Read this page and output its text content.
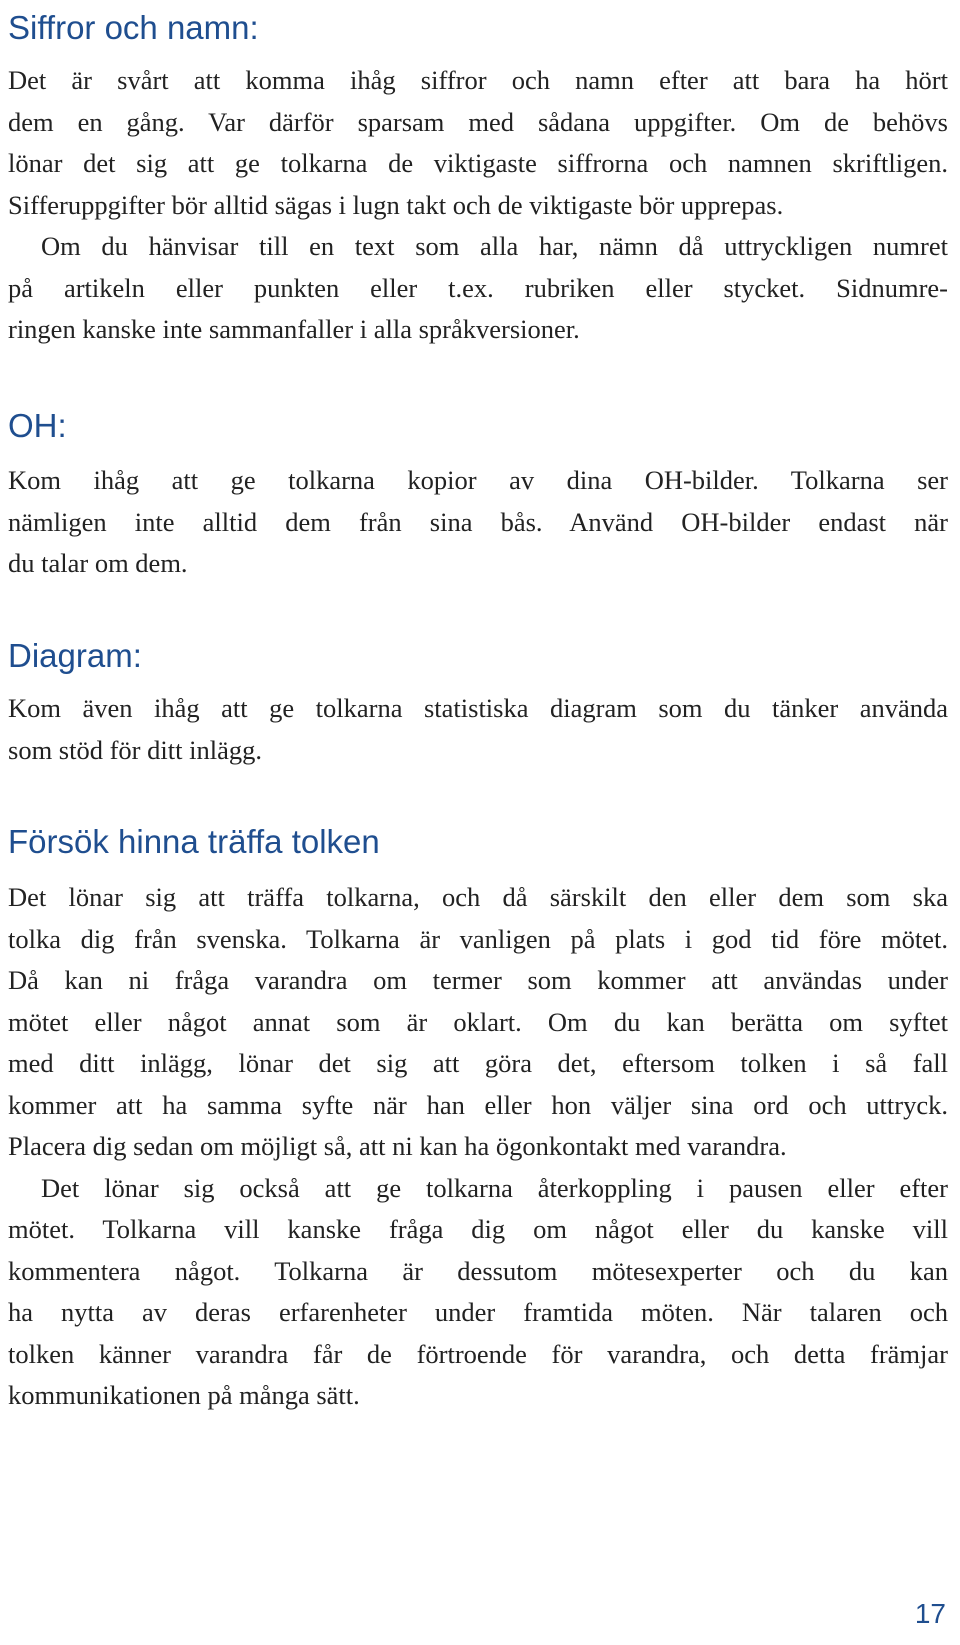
Siffror och namn:

Det är svårt att komma ihåg siffror och namn efter att bara ha hört
dem en gång. Var därför sparsam med sådana uppgifter. Om de behövs
lönar det sig att ge tolkarna de viktigaste siffrorna och namnen skriftligen.
Sifferuppgifter bör alltid sägas i lugn takt och de viktigaste bör upprepas.

Om du hänvisar till en text som alla har, nämn då uttryckligen numret
på artikeln eller punkten eller t.ex. rubriken eller stycket. Sidnumre-
ringen kanske inte sammanfaller i alla språkversioner.

OH:

Kom ihåg att ge tolkarna kopior av dina OH-bilder. Tolkarna ser
nämligen inte alltid dem från sina bås. Använd OH-bilder endast när
du talar om dem.

Diagram:

Kom även ihåg att ge tolkarna statistiska diagram som du tänker använda
som stöd för ditt inlägg.

Försök hinna träffa tolken

Det lönar sig att träffa tolkarna, och då särskilt den eller dem som ska
tolka dig från svenska. Tolkarna är vanligen på plats i god tid före mötet.
Då kan ni fråga varandra om termer som kommer att användas under
mötet eller något annat som är oklart. Om du kan berätta om syftet
med ditt inlägg, lönar det sig att göra det, eftersom tolken i så fall
kommer att ha samma syfte när han eller hon väljer sina ord och uttryck.
Placera dig sedan om möjligt så, att ni kan ha ögonkontakt med varandra.

Det lönar sig också att ge tolkarna återkoppling i pausen eller efter
mötet. Tolkarna vill kanske fråga dig om något eller du kanske vill
kommentera något. Tolkarna är dessutom mötesexperter och du kan
ha nytta av deras erfarenheter under framtida möten. När talaren och
tolken känner varandra får de förtroende för varandra, och detta främjar
kommunikationen på många sätt.

17
